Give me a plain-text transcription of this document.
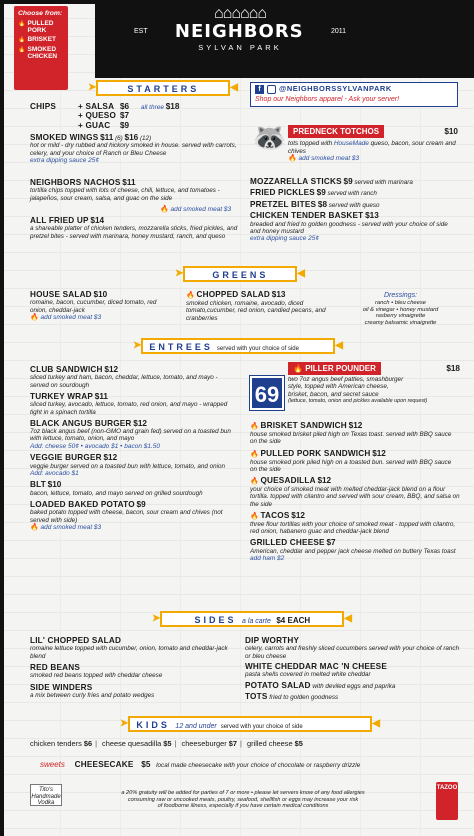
Choose from:
🔥 PULLED PORK
🔥 BRISKET
🔥 SMOKED CHICKEN
⌂⌂⌂⌂⌂⌂
EST NEIGHBORS	2011
SYLVAN PARK
➤	STARTERS	◀
CHIPS	+ SALSA $6 all three $18
+ QUESO $7
+ GUAC $9
SMOKED WINGS $11 (6) $16 (12)
hot or mild - dry rubbed and hickory smoked in house. served with carrots, celery, and your choice of Ranch or Bleu Cheese
extra dipping sauce 25¢
NEIGHBORS NACHOS $11
tortilla chips topped with lots of cheese, chili, lettuce, and tomatoes - jalapeños, sour cream, salsa, and guac on the side
🔥 add smoked meat $3
ALL FRIED UP $14
a shareable platter of chicken tenders, mozzarella sticks, fried pickles, and pretzel bites - served with marinara, honey mustard, ranch, and queso
f	@NEIGHBORSSYLVANPARK
Shop our Neighbors apparel - Ask your server!
🦝 PREDNECK TOTCHOS	$10
tots topped with HouseMade queso, bacon, sour cream and chives
🔥 add smoked meat $3
MOZZARELLA STICKS $9 served with marinara
FRIED PICKLES $9 served with ranch
PRETZEL BITES $8 served with queso
CHICKEN TENDER BASKET $13
breaded and fried to golden goodness - served with your choice of side and honey mustard
extra dipping sauce 25¢
➤	GREENS	◀
HOUSE SALAD $10
romaine, bacon, cucumber, diced tomato, red onion, cheddar-jack
🔥 add smoked meat $3
🔥 CHOPPED SALAD $13
smoked chicken, romaine, avocado, diced tomato,cucumber, red onion, candied pecans, and cranberries
Dressings:
ranch • bleu cheese
oil & vinegar • honey mustard
rasberry vinaigrette
creamy balsamic vinaigrette
➤ ENTREES served with your choice of side	◀
CLUB SANDWICH $12
sliced turkey and ham, bacon, cheddar, lettuce, tomato, and mayo - served on sourdough
TURKEY WRAP $11
sliced turkey, avocado, lettuce, tomato, red onion, and mayo - wrapped tight in a spinach tortilla
BLACK ANGUS BURGER $12
7oz black angus beef (non-GMO and grain fed) served on a toasted bun with lettuce, tomato, onion, and mayo
Add: cheese 50¢ • avocado $1 • bacon $1.50
VEGGIE BURGER $12
veggie burger served on a toasted bun with lettuce, tomato, and onion Add: avocado $1
BLT $10
bacon, lettuce, tomato, and mayo served on grilled sourdough
LOADED BAKED POTATO $9
baked potato topped with cheese, bacon, sour cream and chives (not served with side)
🔥 add smoked meat $3
69
🔥 PILLER POUNDER	$18
two 7oz angus beef patties, smashburger style, topped with American cheese, brisket, bacon, and secret sauce
(lettuce, tomato, onion and pickles available upon request)
🔥 BRISKET SANDWICH $12
house smoked brisket piled high on Texas toast. served with BBQ sauce on the side
🔥 PULLED PORK SANDWICH $12
house smoked pork piled high on a toasted bun. served with BBQ sauce on the side
🔥 QUESADILLA $12
your choice of smoked meat with melted cheddar-jack blend on a flour tortilla. topped with cilantro and served with sour cream, BBQ, and salsa on the side
🔥 TACOS $12
three flour tortillas with your choice of smoked meat - topped with cilantro, red onion, habanero guac and cheddar-jack blend
GRILLED CHEESE $7
American, cheddar and pepper jack cheese melted on buttery Texas toast add ham $2
➤	SIDES a la carte $4 EACH	◀
LIL' CHOPPED SALAD
romaine lettuce topped with cucumber, onion, tomato and cheddar-jack blend
RED BEANS
smoked red beans topped with cheddar cheese
SIDE WINDERS
a mix between curly fries and potato wedges
DIP WORTHY
celery, carrots and freshly sliced cucumbers served with your choice of ranch or bleu cheese
WHITE CHEDDAR MAC 'N CHEESE
pasta shells covered in melted white cheddar
POTATO SALAD with deviled eggs and paprika
TOTS fried to golden goodness
➤ KIDS 12 and under served with your choice of side	◀
chicken tenders $6 | cheese quesadilla $5 | cheeseburger $7 | grilled cheese $5
sweets CHEESECAKE $5 local made cheesecake with your choice of chocolate or raspberry drizzle
Tito's Handmade Vodka
a 20% gratuity will be added for parties of 7 or more • please let servers know of any food allergies
consuming raw or uncooked meats, poultry, seafood, shellfish or eggs may increase your risk
of foodborne illness, especially if you have certain medical conditions
TAZOO
